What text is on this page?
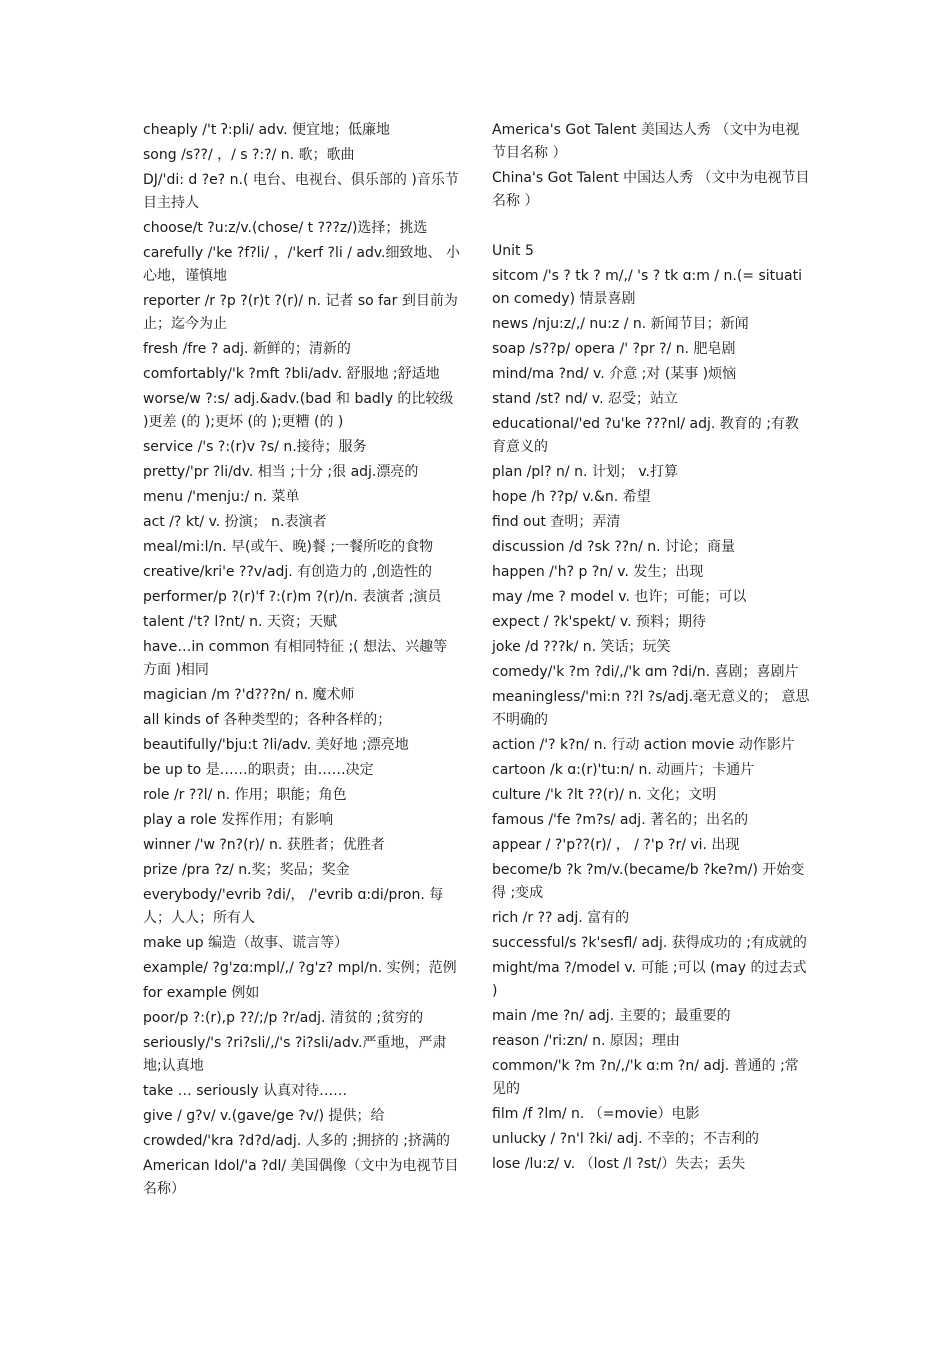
cheaply /'t ʔ:pli/ adv. 便宜地；低廉地
song /s??/ ，/ s ?:?/ n. 歌；歌曲
DJ/'di: d ?e? n.( 电台、电视台、俱乐部的 )音乐节目主持人
choose/t ?u:z/v.(chose/ t ???z/)选择；挑选
carefully /'ke ?f?li/ ，/'kerf ?li / adv.细致地、 小心地，谨慎地
reporter /r ?p ?(r)t ?(r)/ n. 记者 so far 到目前为止；迄今为止
fresh /fre ? adj. 新鲜的；清新的
comfortably/'k ?mft ?bli/adv. 舒服地 ;舒适地
worse/w ?:s/ adj.&adv.(bad 和 badly 的比较级 )更差 (的 );更坏 (的 );更糟 (的 )
service /'s ?:(r)v ?s/ n.接待；服务
pretty/'pr ?li/dv. 相当 ;十分 ;很 adj.漂亮的
menu /'menju:/ n. 菜单
act /? kt/ v. 扮演； n.表演者
meal/mi:l/n. 早(或午、晚)餐 ;一餐所吃的食物
creative/kri'e ??v/adj. 有创造力的 ,创造性的
performer/p ?(r)'f ?:(r)m ?(r)/n. 表演者 ;演员
talent /'t? l?nt/ n. 天资；天赋
have…in common 有相同特征 ;( 想法、兴趣等方面 )相同
magician /m ?'d???n/ n. 魔术师
all kinds of 各种类型的；各种各样的；
beautifully/'bju:t ?li/adv. 美好地 ;漂亮地
be up to 是……的职责；由……决定
role /r ??l/ n. 作用；职能；角色
play a role 发挥作用；有影响
winner /'w ?n?(r)/ n. 获胜者；优胜者
prize /pra ?z/ n.奖；奖品；奖金
everybody/'evrib ?di/， /'evrib ɑ:di/pron. 每人；人人；所有人
make up 编造（故事、谎言等）
example/ ?g'zɑ:mpl/,/ ?g'z? mpl/n. 实例；范例
for example 例如
poor/p ?:(r),p ??/;/p ?r/adj. 清贫的 ;贫穷的
seriously/'s ?ri?sli/,/'s ?i?sli/adv.严重地，严肃地;认真地
take … seriously 认真对待……
give / ɡ?v/ v.(gave/ge ?v/) 提供；给
crowded/'kra ?d?d/adj. 人多的 ;拥挤的 ;挤满的
American Idol/'a ?dl/ 美国偶像（文中为电视节目名称）
America's Got Talent 美国达人秀 （文中为电视节目名称 ）
China's Got Talent 中国达人秀 （文中为电视节目名称 ）
Unit 5
sitcom /'s ? tk ? m/,/ 's ? tk ɑ:m / n.(= situation comedy) 情景喜剧
news /nju:z/,/ nu:z / n. 新闻节目；新闻
soap /s??p/ opera /' ?pr ?/ n. 肥皂剧
mind/ma ?nd/ v. 介意 ;对 (某事 )烦恼
stand /st? nd/ v. 忍受；站立
educational/'ed ?u'ke ???nl/ adj. 教育的 ;有教育意义的
plan /pl? n/ n. 计划； v.打算
hope /h ??p/ v.&n. 希望
find out 查明；弄清
discussion /d ?sk ??n/ n. 讨论；商量
happen /'h? p ?n/ v. 发生；出现
may /me ? model v. 也许；可能；可以
expect / ?k'spekt/ v. 预料；期待
joke /d ???k/ n. 笑话；玩笑
comedy/'k ?m ?di/,/'k ɑm ?di/n. 喜剧；喜剧片
meaningless/'mi:n ??l ?s/adj.毫无意义的； 意思不明确的
action /'? k?n/ n. 行动 action movie 动作影片
cartoon /k ɑ:(r)'tu:n/ n. 动画片；卡通片
culture /'k ?lt ??(r)/ n. 文化；文明
famous /'fe ?m?s/ adj. 著名的；出名的
appear / ?'p??(r)/ ， / ?'p ?r/ vi. 出现
become/b ?k ?m/v.(became/b ?ke?m/) 开始变得 ;变成
rich /r ?? adj. 富有的
successful/s ?k'sesfl/ adj. 获得成功的 ;有成就的
might/ma ?/model v. 可能 ;可以 (may 的过去式 )
main /me ?n/ adj. 主要的；最重要的
reason /'ri:zn/ n. 原因；理由
common/'k ?m ?n/,/'k ɑ:m ?n/ adj. 普通的 ;常见的
film /f ?lm/ n. （=movie）电影
unlucky / ?n'l ?ki/ adj. 不幸的；不吉利的
lose /lu:z/ v. （lost /l ?st/）失去；丢失
